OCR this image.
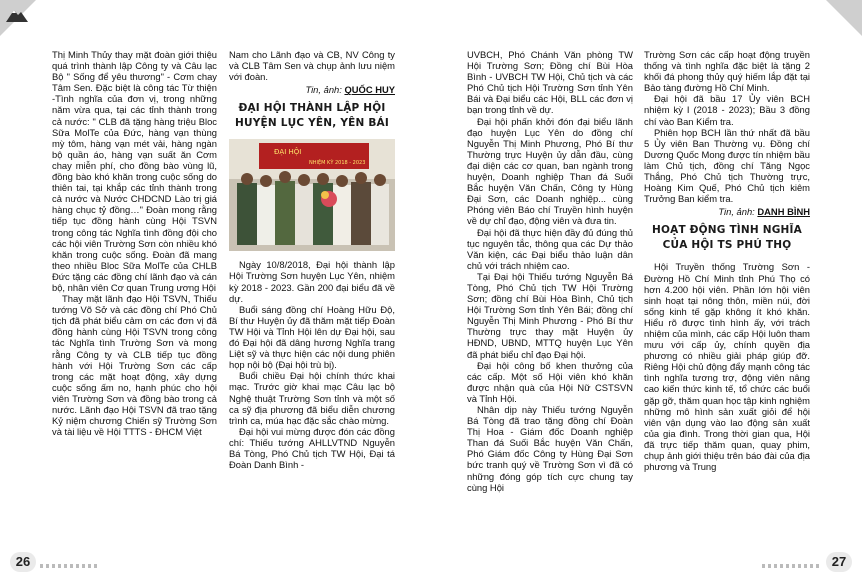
Thị Minh Thủy thay mặt đoàn giới thiệu quá trình thành lập Công ty và Câu lạc Bộ " Sống để yêu thương" - Cơm chay Tâm Sen. Đặc biệt là công tác Từ thiện -Tình nghĩa của đơn vị, trong những năm vừa qua, tại các tỉnh thành trong cả nước: " CLB đã tặng hàng triệu Bloc Sữa MolTe của Đức, hàng vạn thùng mỳ tôm, hàng vạn mét vải, hàng ngàn bộ quần áo, hàng vạn suất ăn Cơm chay miễn phí, cho đồng bào vùng lũ, đồng bào khó khăn trong cuộc sống do thiên tai, tại khắp các tỉnh thành trong cả nước và Nước CHDCND Lào trị giá hàng chục tỷ đồng…" Đoàn mong rằng tiếp tục đồng hành cùng Hội TSVN trong công tác Nghĩa tình đồng đội cho các hội viên Trường Sơn còn nhiều khó khăn trong cuộc sống. Đoàn đã mang theo nhiều Bloc Sữa MolTe của CHLB Đức tặng các đồng chí lãnh đạo và cán bộ, nhân viên Cơ quan Trung ương Hội

Thay mặt lãnh đạo Hội TSVN, Thiếu tướng Võ Sở và các đồng chí Phó Chủ tịch đã phát biểu cảm ơn các đơn vị đã đồng hành cùng Hội TSVN trong công tác Nghĩa tình Trường Sơn và mong rằng Công ty và CLB tiếp tục đồng hành với Hội Trường Sơn các cấp trong các mặt hoạt động, xây dựng cuộc sống ấm no, hạnh phúc cho hội viên Trường Sơn và đồng bào trong cả nước. Lãnh đạo Hội TSVN đã trao tặng Kỷ niệm chương Chiến sỹ Trường Sơn và tài liệu về Hội TTTS - ĐHCM Việt

Nam cho Lãnh đạo và CB, NV Công ty và CLB Tâm Sen và chụp ảnh lưu niệm với đoàn.

Tin, ảnh: QUỐC HUY

ĐẠI HỘI THÀNH LẬP HỘI HUYỆN LỤC YÊN, YÊN BÁI

ĐẠI HỘI
NHIỆM KỲ 2018 - 2023

Ngày 10/8/2018, Đại hội thành lập Hội Trường Sơn huyện Lục Yên, nhiệm kỳ 2018 - 2023. Gần 200 đại biểu đã về dự.

Buổi sáng đồng chí Hoàng Hữu Độ, Bí thư Huyện ủy đã thăm mặt tiếp Đoàn TW Hội và Tỉnh Hội lên dự Đại hội, sau đó Đại hội đã dâng hương Nghĩa trang Liệt sỹ và thực hiện các nội dung phiên họp nội bộ (Đại hội trù bị).

Buổi chiều Đại hội chính thức khai mạc. Trước giờ khai mạc Câu lạc bộ Nghệ thuật Trường Sơn tỉnh và một số ca sỹ địa phương đã biểu diễn chương trình ca, múa hạc đặc sắc chào mừng.

Đại hội vui mừng được đón các đồng chí: Thiếu tướng AHLLVTND Nguyễn Bá Tòng, Phó Chủ tịch TW Hội, Đại tá Đoàn Danh Bình -

26

UVBCH, Phó Chánh Văn phòng TW Hội Trường Sơn; Đồng chí Bùi Hòa Bình - UVBCH TW Hội, Chủ tịch và các Phó Chủ tịch Hội Trường Sơn tỉnh Yên Bái và Đại biểu các Hội, BLL các đơn vị bạn trong tỉnh về dự.

Đại hội phấn khởi đón đại biểu lãnh đạo huyện Lục Yên do đồng chí Nguyễn Thị Minh Phương, Phó Bí thư Thường trực Huyện ủy dẫn đầu, cùng đại diện các cơ quan, ban ngành trong huyện, Doanh nghiệp Than đá Suối Bắc huyện Văn Chấn, Công ty Hùng Đại Sơn, các Doanh nghiệp... cùng Phóng viên Báo chí Truyền hình huyện về dự chỉ đạo, động viên và đưa tin.

Đại hội đã thực hiện đầy đủ đúng thủ tục nguyên tắc, thông qua các Dự thảo Văn kiện, các Đại biểu thảo luận dân chủ với trách nhiệm cao.

Tại Đại hội Thiếu tướng Nguyễn Bá Tòng, Phó Chủ tịch TW Hội Trường Sơn; đồng chí Bùi Hòa Bình, Chủ tịch Hội Trường Sơn tỉnh Yên Bái; đồng chí Nguyễn Thị Minh Phương - Phó Bí thư Thường trực thay mặt Huyện ủy HĐND, UBND, MTTQ huyện Lục Yên đã phát biểu chỉ đạo Đại hội.

Đại hội công bố khen thưởng của các cấp. Một số Hội viên khó khăn được nhận quà của Hội Nữ CSTSVN và Tỉnh Hội.

Nhân dịp này Thiếu tướng Nguyễn Bá Tòng đã trao tặng đồng chí Đoàn Thị Hoa - Giám đốc Doanh nghiệp Than đá Suối Bắc huyện Văn Chấn, Phó Giám đốc Công ty Hùng Đại Sơn bức tranh quý về Trường Sơn vì đã có những đóng góp tích cực chung tay cùng Hội

Trường Sơn các cấp hoạt động truyền thống và tình nghĩa đặc biệt là tặng 2 khối đá phong thủy quý hiếm lắp đặt tại Bảo tàng đường Hồ Chí Minh.

Đại hội đã bầu 17 Ủy viên BCH nhiệm kỳ I (2018 - 2023); Bầu 3 đồng chí vào Ban Kiểm tra.

Phiên họp BCH lần thứ nhất đã bầu 5 Ủy viên Ban Thường vụ. Đồng chí Dương Quốc Mong được tín nhiệm bầu làm Chủ tịch, đồng chí Tăng Ngọc Thắng, Phó Chủ tịch Thường trực, Hoàng Kim Quế, Phó Chủ tịch kiêm Trưởng Ban kiểm tra.

Tin, ảnh: DANH BÌNH

HOẠT ĐỘNG TÌNH NGHĨA CỦA HỘI TS PHÚ THỌ

Hội Truyền thống Trường Sơn - Đường Hồ Chí Minh tỉnh Phú Thọ có hơn 4.200 hội viên. Phần lớn hội viên sinh hoạt tại nông thôn, miền núi, đời sống kinh tế gặp không ít khó khăn. Hiểu rõ được tình hình ấy, với trách nhiệm của mình, các cấp Hội luôn tham mưu với cấp ủy, chính quyền địa phương có nhiều giải pháp giúp đỡ. Riêng Hội chủ động đẩy mạnh công tác tình nghĩa tương trợ, động viên nâng cao kiến thức kinh tế, tổ chức các buổi gặp gỡ, thăm quan học tập kinh nghiệm những mô hình sản xuất giỏi để hội viên vận dụng vào lao động sản xuất của gia đình. Trong thời gian qua, Hội đã trực tiếp thăm quan, quay phim, chụp ảnh giới thiệu trên báo đài của địa phương và Trung

27
